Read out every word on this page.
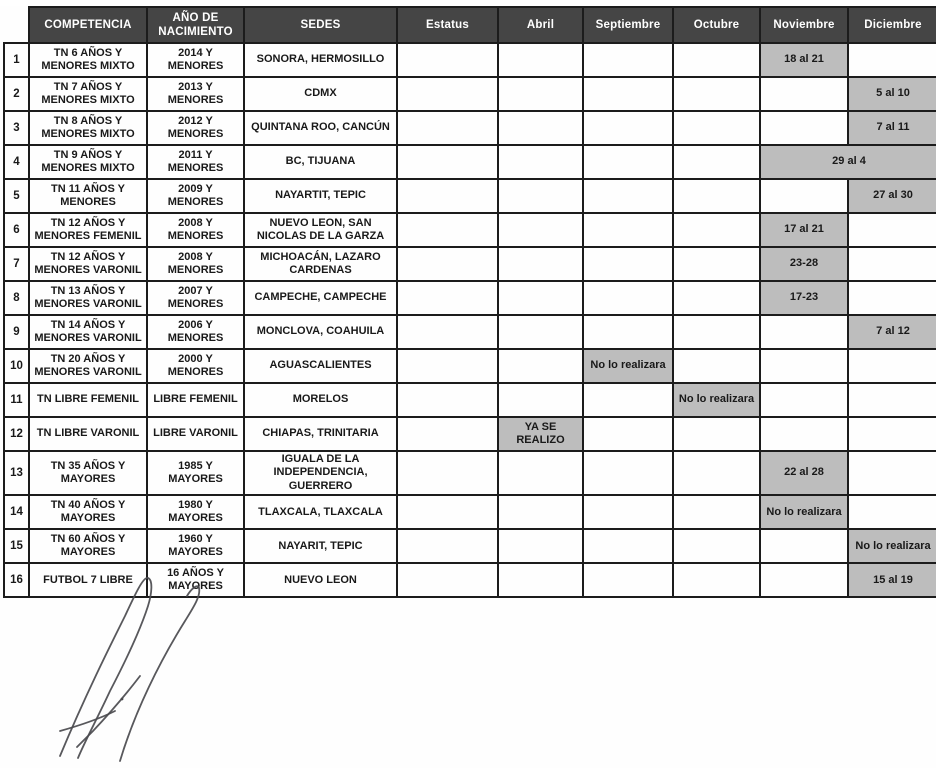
	COMPETENCIA	AÑO DE NACIMIENTO	SEDES	Estatus	Abril	Septiembre	Octubre	Noviembre	Diciembre
1	TN 6 AÑOS Y MENORES MIXTO	2014 Y MENORES	SONORA, HERMOSILLO					18 al 21	
2	TN 7 AÑOS Y MENORES MIXTO	2013 Y MENORES	CDMX						5 al 10
3	TN 8 AÑOS Y MENORES MIXTO	2012 Y MENORES	QUINTANA ROO, CANCÚN						7 al 11
4	TN 9 AÑOS Y MENORES MIXTO	2011 Y MENORES	BC, TIJUANA					29 al 4	
5	TN 11 AÑOS Y MENORES	2009 Y MENORES	NAYARTIT, TEPIC						27 al 30
6	TN 12 AÑOS Y MENORES FEMENIL	2008 Y MENORES	NUEVO LEON, SAN NICOLAS DE LA GARZA					17 al 21	
7	TN 12 AÑOS Y MENORES VARONIL	2008 Y MENORES	MICHOACÁN, LAZARO CARDENAS					23-28	
8	TN 13 AÑOS Y MENORES VARONIL	2007 Y MENORES	CAMPECHE, CAMPECHE					17-23	
9	TN 14 AÑOS Y MENORES VARONIL	2006 Y MENORES	MONCLOVA, COAHUILA						7 al 12
10	TN 20 AÑOS Y MENORES VARONIL	2000 Y MENORES	AGUASCALIENTES			No lo realizara			
11	TN LIBRE FEMENIL	LIBRE FEMENIL	MORELOS				No lo realizara		
12	TN LIBRE VARONIL	LIBRE VARONIL	CHIAPAS, TRINITARIA		YA SE REALIZO				
13	TN 35 AÑOS Y MAYORES	1985 Y MAYORES	IGUALA DE LA INDEPENDENCIA, GUERRERO					22 al 28	
14	TN 40 AÑOS Y MAYORES	1980 Y MAYORES	TLAXCALA, TLAXCALA					No lo realizara	
15	TN 60 AÑOS Y MAYORES	1960 Y MAYORES	NAYARIT, TEPIC						No lo realizara
16	FUTBOL 7 LIBRE	16 AÑOS Y MAYORES	NUEVO LEON						15 al 19
